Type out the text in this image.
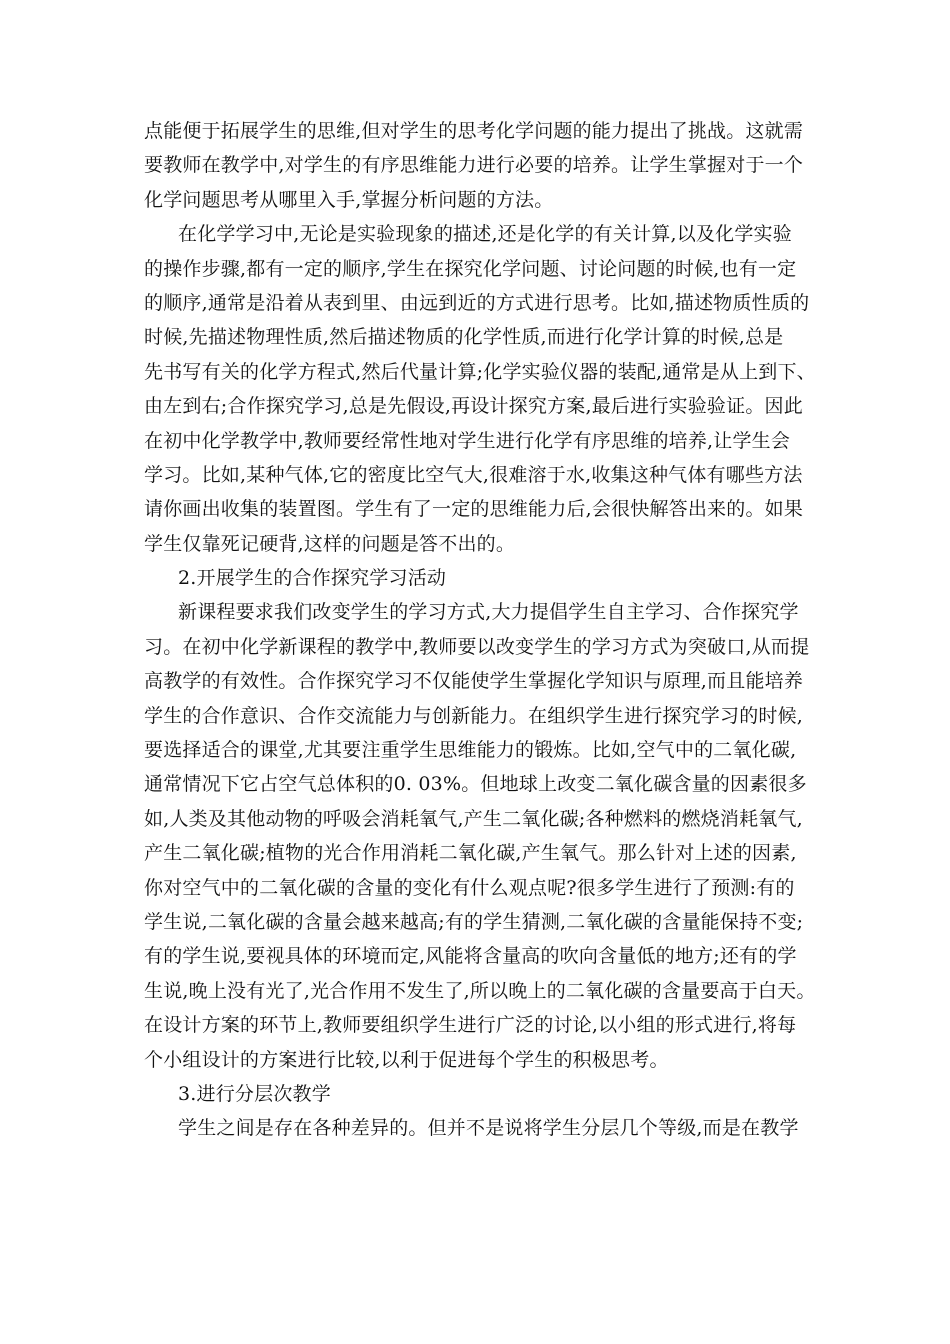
点能便于拓展学生的思维,但对学生的思考化学问题的能力提出了挑战。这就需
要教师在教学中,对学生的有序思维能力进行必要的培养。让学生掌握对于一个
化学问题思考从哪里入手,掌握分析问题的方法。
在化学学习中,无论是实验现象的描述,还是化学的有关计算,以及化学实验
的操作步骤,都有一定的顺序,学生在探究化学问题、讨论问题的时候,也有一定
的顺序,通常是沿着从表到里、由远到近的方式进行思考。比如,描述物质性质的
时候,先描述物理性质,然后描述物质的化学性质,而进行化学计算的时候,总是
先书写有关的化学方程式,然后代量计算;化学实验仪器的装配,通常是从上到下、
由左到右;合作探究学习,总是先假设,再设计探究方案,最后进行实验验证。因此
在初中化学教学中,教师要经常性地对学生进行化学有序思维的培养,让学生会
学习。比如,某种气体,它的密度比空气大,很难溶于水,收集这种气体有哪些方法
请你画出收集的装置图。学生有了一定的思维能力后,会很快解答出来的。如果
学生仅靠死记硬背,这样的问题是答不出的。
2.开展学生的合作探究学习活动
新课程要求我们改变学生的学习方式,大力提倡学生自主学习、合作探究学
习。在初中化学新课程的教学中,教师要以改变学生的学习方式为突破口,从而提
高教学的有效性。合作探究学习不仅能使学生掌握化学知识与原理,而且能培养
学生的合作意识、合作交流能力与创新能力。在组织学生进行探究学习的时候,
要选择适合的课堂,尤其要注重学生思维能力的锻炼。比如,空气中的二氧化碳,
通常情况下它占空气总体积的0. 03%。但地球上改变二氧化碳含量的因素很多
如,人类及其他动物的呼吸会消耗氧气,产生二氧化碳;各种燃料的燃烧消耗氧气,
产生二氧化碳;植物的光合作用消耗二氧化碳,产生氧气。那么针对上述的因素,
你对空气中的二氧化碳的含量的变化有什么观点呢?很多学生进行了预测:有的
学生说,二氧化碳的含量会越来越高;有的学生猜测,二氧化碳的含量能保持不变;
有的学生说,要视具体的环境而定,风能将含量高的吹向含量低的地方;还有的学
生说,晚上没有光了,光合作用不发生了,所以晚上的二氧化碳的含量要高于白天。
在设计方案的环节上,教师要组织学生进行广泛的讨论,以小组的形式进行,将每
个小组设计的方案进行比较,以利于促进每个学生的积极思考。
3.进行分层次教学
学生之间是存在各种差异的。但并不是说将学生分层几个等级,而是在教学
